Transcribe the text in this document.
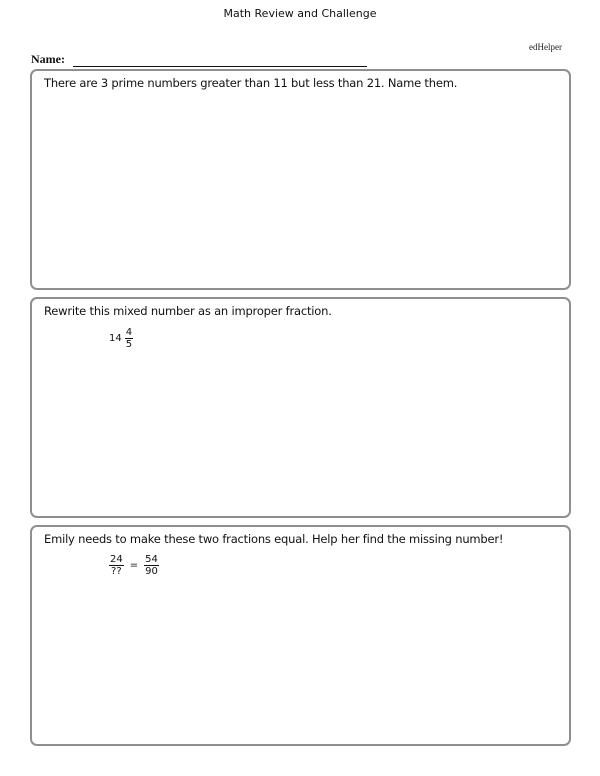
Math Review and Challenge
edHelper
Name:
There are 3 prime numbers greater than 11 but less than 21. Name them.
Rewrite this mixed number as an improper fraction.
$14 \frac{4}{5}$
Emily needs to make these two fractions equal. Help her find the missing number!
$\frac{24}{??} = \frac{54}{90}$
